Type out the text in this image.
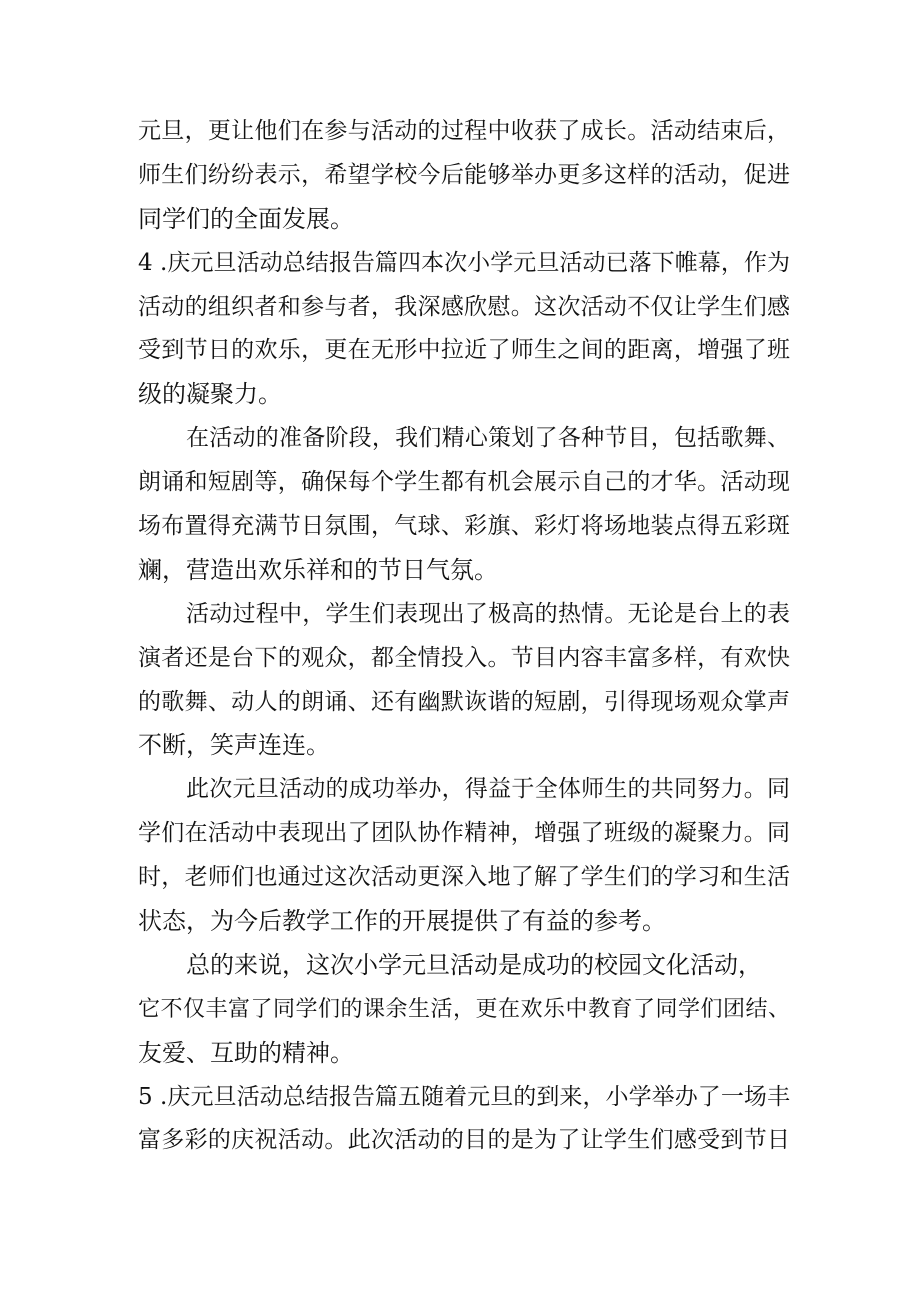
元旦，更让他们在参与活动的过程中收获了成长。活动结束后，
师生们纷纷表示，希望学校今后能够举办更多这样的活动，促进
同学们的全面发展。
4 .庆元旦活动总结报告篇四本次小学元旦活动已落下帷幕，作为
活动的组织者和参与者，我深感欣慰。这次活动不仅让学生们感
受到节日的欢乐，更在无形中拉近了师生之间的距离，增强了班
级的凝聚力。
在活动的准备阶段，我们精心策划了各种节目，包括歌舞、
朗诵和短剧等，确保每个学生都有机会展示自己的才华。活动现
场布置得充满节日氛围，气球、彩旗、彩灯将场地装点得五彩斑
斓，营造出欢乐祥和的节日气氛。
活动过程中，学生们表现出了极高的热情。无论是台上的表
演者还是台下的观众，都全情投入。节目内容丰富多样，有欢快
的歌舞、动人的朗诵、还有幽默诙谐的短剧，引得现场观众掌声
不断，笑声连连。
此次元旦活动的成功举办，得益于全体师生的共同努力。同
学们在活动中表现出了团队协作精神，增强了班级的凝聚力。同
时，老师们也通过这次活动更深入地了解了学生们的学习和生活
状态，为今后教学工作的开展提供了有益的参考。
总的来说，这次小学元旦活动是成功的校园文化活动，
它不仅丰富了同学们的课余生活，更在欢乐中教育了同学们团结、
友爱、互助的精神。
5 .庆元旦活动总结报告篇五随着元旦的到来，小学举办了一场丰
富多彩的庆祝活动。此次活动的目的是为了让学生们感受到节日
